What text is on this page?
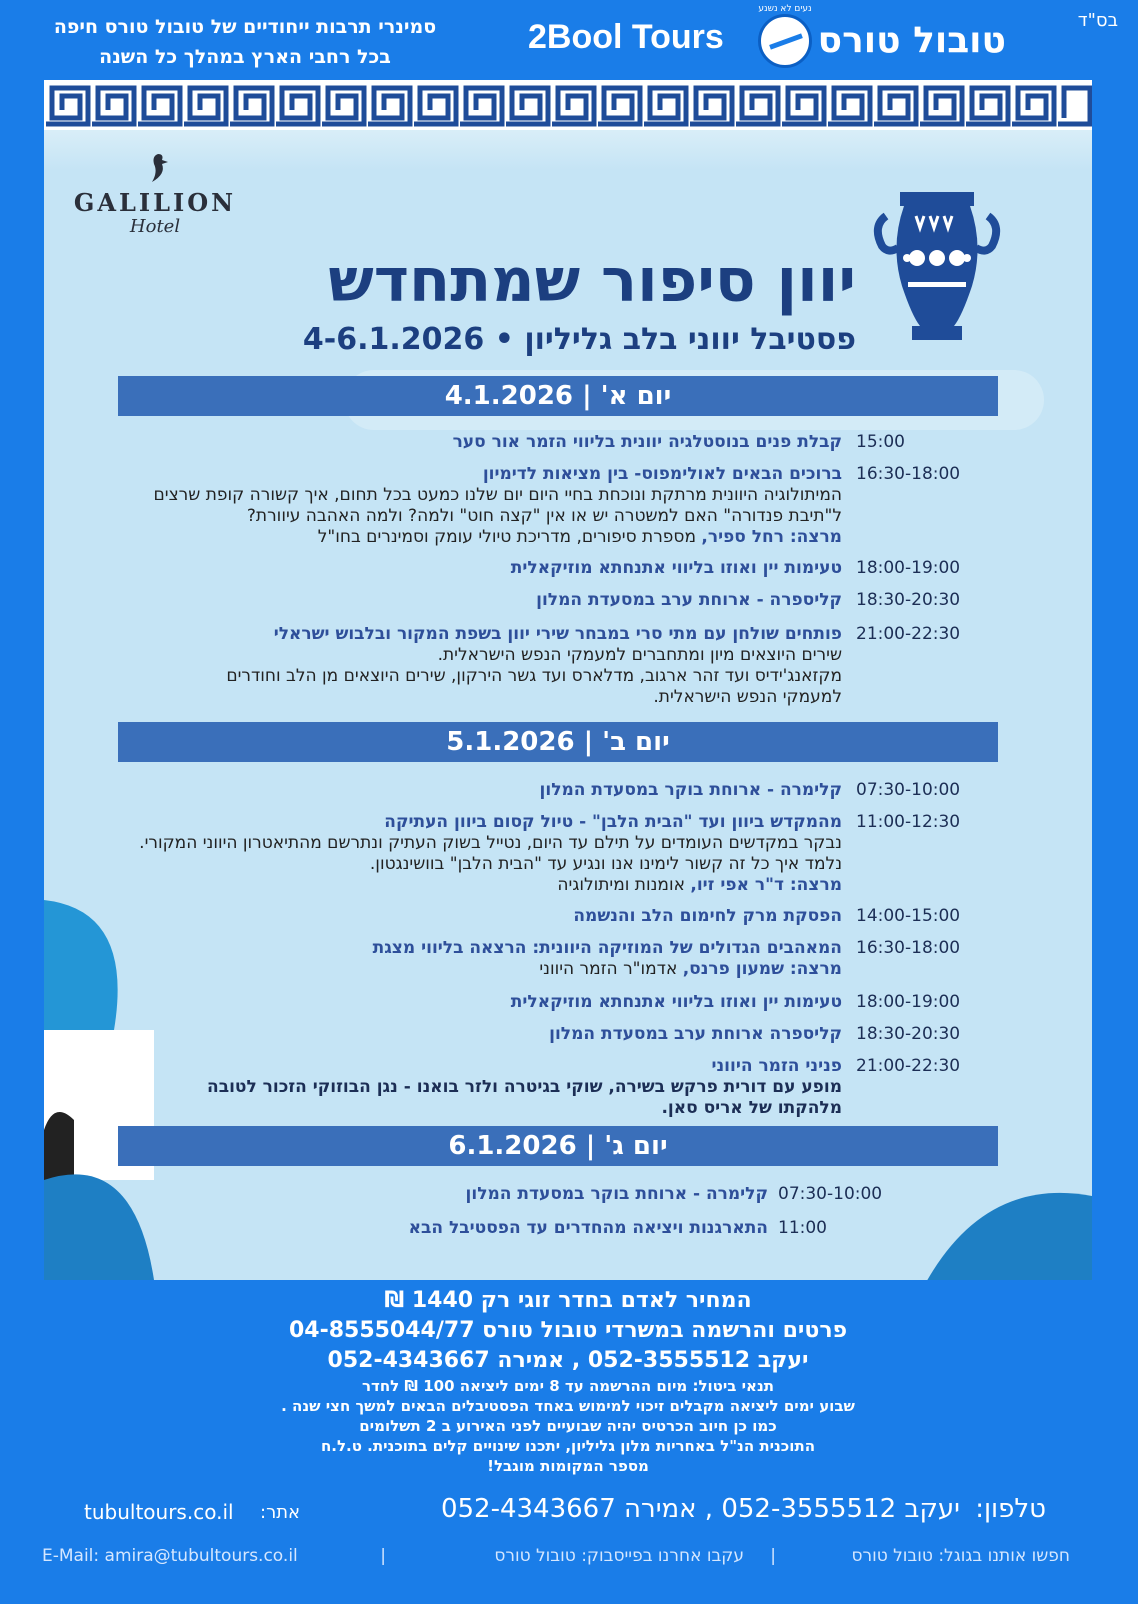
בס"ד
טובול טורס
נעים לא נשנע
2Bool Tours
סמינרי תרבות ייחודיים של טובול טורס חיפה
בכל רחבי הארץ במהלך כל השנה
GALILION
Hotel
יוון סיפור שמתחדש
פסטיבל יווני בלב גליליון • 4-6.1.2026
יום א' | 4.1.2026
15:00
קבלת פנים בנוסטלגיה יוונית בליווי הזמר אור סער
16:30-18:00
ברוכים הבאים לאולימפוס- בין מציאות לדימיון
המיתולוגיה היוונית מרתקת ונוכחת בחיי היום יום שלנו כמעט בכל תחום, איך קשורה קופת שרצים
ל"תיבת פנדורה" האם למשטרה יש או אין "קצה חוט" ולמה? ולמה האהבה עיוורת?
מרצה: רחל ספיר, מספרת סיפורים, מדריכת טיולי עומק וסמינרים בחו"ל
18:00-19:00
טעימות יין ואוזו בליווי אתנחתא מוזיקאלית
18:30-20:30
קליספרה - ארוחת ערב במסעדת המלון
21:00-22:30
פותחים שולחן עם מתי סרי במבחר שירי יוון בשפת המקור ובלבוש ישראלי
שירים היוצאים מיון ומתחברים למעמקי הנפש הישראלית.
מקזאנג'ידיס ועד זהר ארגוב, מדלארס ועד גשר הירקון, שירים היוצאים מן הלב וחודרים
למעמקי הנפש הישראלית.
יום ב' | 5.1.2026
07:30-10:00
קלימרה - ארוחת בוקר במסעדת המלון
11:00-12:30
מהמקדש ביוון ועד "הבית הלבן" - טיול קסום ביוון העתיקה
נבקר במקדשים העומדים על תילם עד היום, נטייל בשוק העתיק ונתרשם מהתיאטרון היווני המקורי.
נלמד איך כל זה קשור לימינו אנו ונגיע עד "הבית הלבן" בוושינגטון.
מרצה: ד"ר אפי זיו, אומנות ומיתולוגיה
14:00-15:00
הפסקת מרק לחימום הלב והנשמה
16:30-18:00
המאהבים הגדולים של המוזיקה היוונית: הרצאה בליווי מצגת
מרצה: שמעון פרנס, אדמו"ר הזמר היווני
18:00-19:00
טעימות יין ואוזו בליווי אתנחתא מוזיקאלית
18:30-20:30
קליספרה ארוחת ערב במסעדת המלון
21:00-22:30
פניני הזמר היווני
מופע עם דורית פרקש בשירה, שוקי בגיטרה ולזר בואנו - נגן הבוזוקי הזכור לטובה
מלהקתו של אריס סאן.
יום ג' | 6.1.2026
07:30-10:00
קלימרה - ארוחת בוקר במסעדת המלון
11:00
התארגנות ויציאה מהחדרים עד הפסטיבל הבא
המחיר לאדם בחדר זוגי רק 1440 ₪
פרטים והרשמה במשרדי טובול טורס 04-8555044/77
יעקב 052-3555512 , אמירה 052-4343667
תנאי ביטול: מיום ההרשמה עד 8 ימים ליציאה 100 ₪ לחדר
שבוע ימים ליציאה מקבלים זיכוי למימוש באחד הפסטיבלים הבאים למשך חצי שנה .
כמו כן חיוב הכרטיס יהיה שבועיים לפני האירוע ב 2 תשלומים
התוכנית הנ"ל באחריות מלון גליליון, יתכנו שינויים קלים בתוכנית. ט.ל.ח
מספר המקומות מוגבל!
טלפון:
יעקב 052-3555512 , אמירה 052-4343667
אתר:
tubultours.co.il
חפשו אותנו בגוגל: טובול טורס
|
עקבו אחרנו בפייסבוק: טובול טורס
|
E-Mail: amira@tubultours.co.il
